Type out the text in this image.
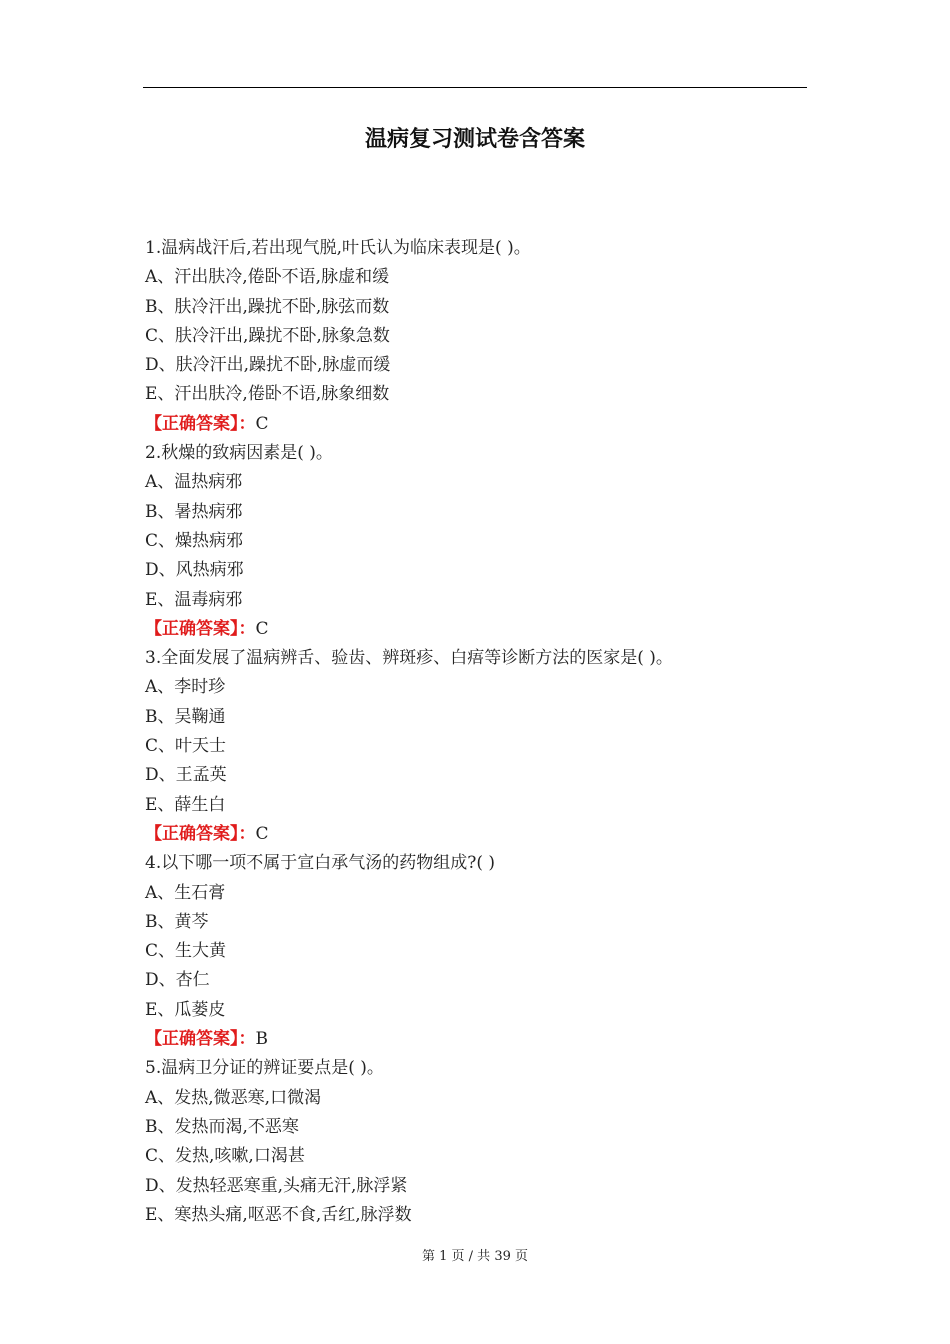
温病复习测试卷含答案
1.温病战汗后,若出现气脱,叶氏认为临床表现是( )。
A、汗出肤冷,倦卧不语,脉虚和缓
B、肤冷汗出,躁扰不卧,脉弦而数
C、肤冷汗出,躁扰不卧,脉象急数
D、肤冷汗出,躁扰不卧,脉虚而缓
E、汗出肤冷,倦卧不语,脉象细数
【正确答案】：C
2.秋燥的致病因素是( )。
A、温热病邪
B、暑热病邪
C、燥热病邪
D、风热病邪
E、温毒病邪
【正确答案】：C
3.全面发展了温病辨舌、验齿、辨斑疹、白痦等诊断方法的医家是( )。
A、李时珍
B、吴鞠通
C、叶天士
D、王孟英
E、薛生白
【正确答案】：C
4.以下哪一项不属于宣白承气汤的药物组成?( )
A、生石膏
B、黄芩
C、生大黄
D、杏仁
E、瓜蒌皮
【正确答案】：B
5.温病卫分证的辨证要点是( )。
A、发热,微恶寒,口微渴
B、发热而渴,不恶寒
C、发热,咳嗽,口渴甚
D、发热轻恶寒重,头痛无汗,脉浮紧
E、寒热头痛,呕恶不食,舌红,脉浮数
第 1 页 / 共 39 页
